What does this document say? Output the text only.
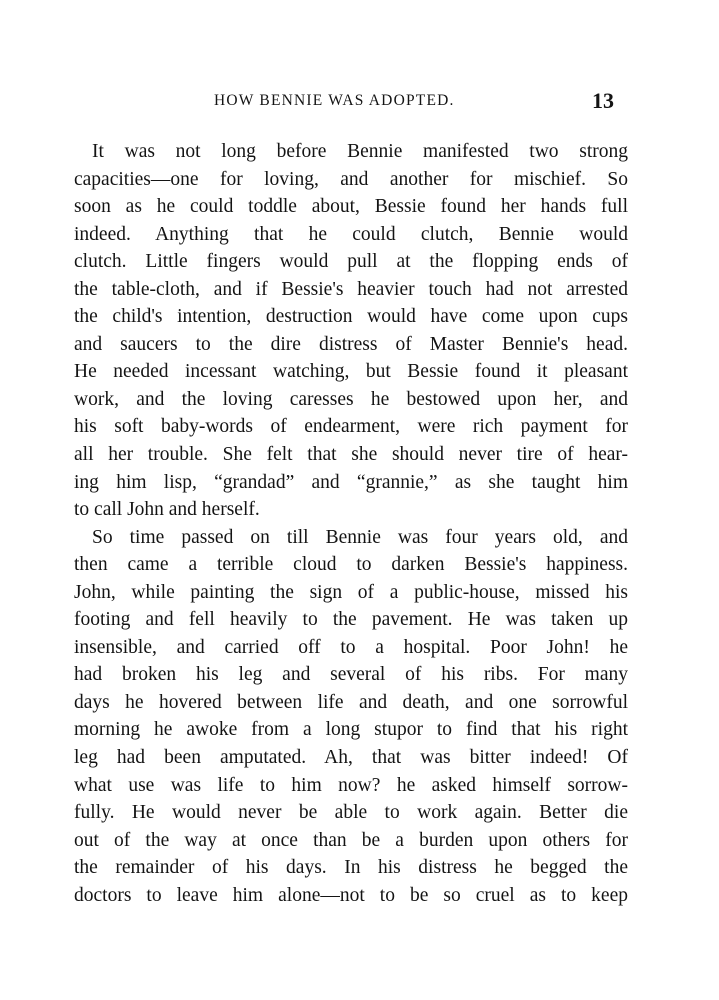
HOW BENNIE WAS ADOPTED.	13
It was not long before Bennie manifested two strong
capacities—one for loving, and another for mischief. So
soon as he could toddle about, Bessie found her hands full
indeed. Anything that he could clutch, Bennie would
clutch. Little fingers would pull at the flopping ends of
the table-cloth, and if Bessie's heavier touch had not arrested
the child's intention, destruction would have come upon cups
and saucers to the dire distress of Master Bennie's head.
He needed incessant watching, but Bessie found it pleasant
work, and the loving caresses he bestowed upon her, and
his soft baby-words of endearment, were rich payment for
all her trouble. She felt that she should never tire of hear-
ing him lisp, “grandad” and “grannie,” as she taught him
to call John and herself.
So time passed on till Bennie was four years old, and
then came a terrible cloud to darken Bessie's happiness.
John, while painting the sign of a public-house, missed his
footing and fell heavily to the pavement. He was taken up
insensible, and carried off to a hospital. Poor John! he
had broken his leg and several of his ribs. For many
days he hovered between life and death, and one sorrowful
morning he awoke from a long stupor to find that his right
leg had been amputated. Ah, that was bitter indeed! Of
what use was life to him now? he asked himself sorrow-
fully. He would never be able to work again. Better die
out of the way at once than be a burden upon others for
the remainder of his days. In his distress he begged the
doctors to leave him alone—not to be so cruel as to keep
